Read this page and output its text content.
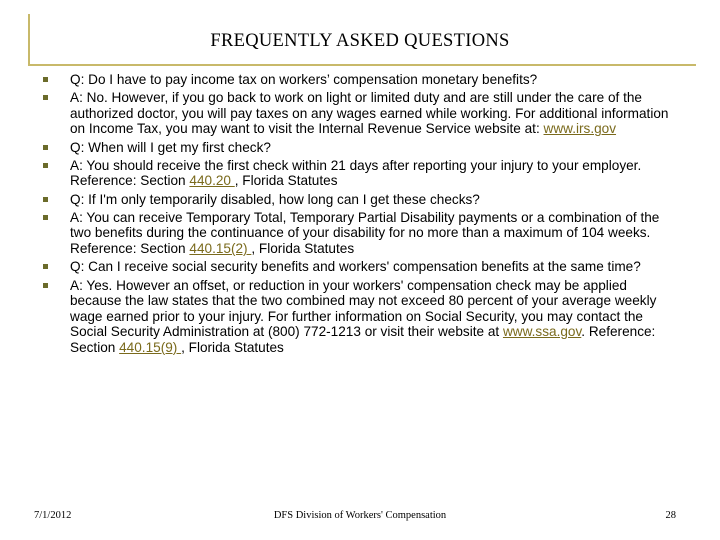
FREQUENTLY ASKED QUESTIONS
Q: Do I have to pay income tax on workers’ compensation monetary benefits?
A: No. However, if you go back to work on light or limited duty and are still under the care of the authorized doctor, you will pay taxes on any wages earned while working. For additional information on Income Tax, you may want to visit the Internal Revenue Service website at: www.irs.gov
Q: When will I get my first check?
A: You should receive the first check within 21 days after reporting your injury to your employer. Reference: Section 440.20 , Florida Statutes
Q: If I'm only temporarily disabled, how long can I get these checks?
A: You can receive Temporary Total, Temporary Partial Disability payments or a combination of the two benefits during the continuance of your disability for no more than a maximum of 104 weeks. Reference: Section 440.15(2) , Florida Statutes
Q: Can I receive social security benefits and workers' compensation benefits at the same time?
A: Yes. However an offset, or reduction in your workers' compensation check may be applied because the law states that the two combined may not exceed 80 percent of your average weekly wage earned prior to your injury. For further information on Social Security, you may contact the Social Security Administration at (800) 772-1213 or visit their website at www.ssa.gov. Reference: Section 440.15(9) , Florida Statutes
7/1/2012	DFS Division of Workers' Compensation	28
